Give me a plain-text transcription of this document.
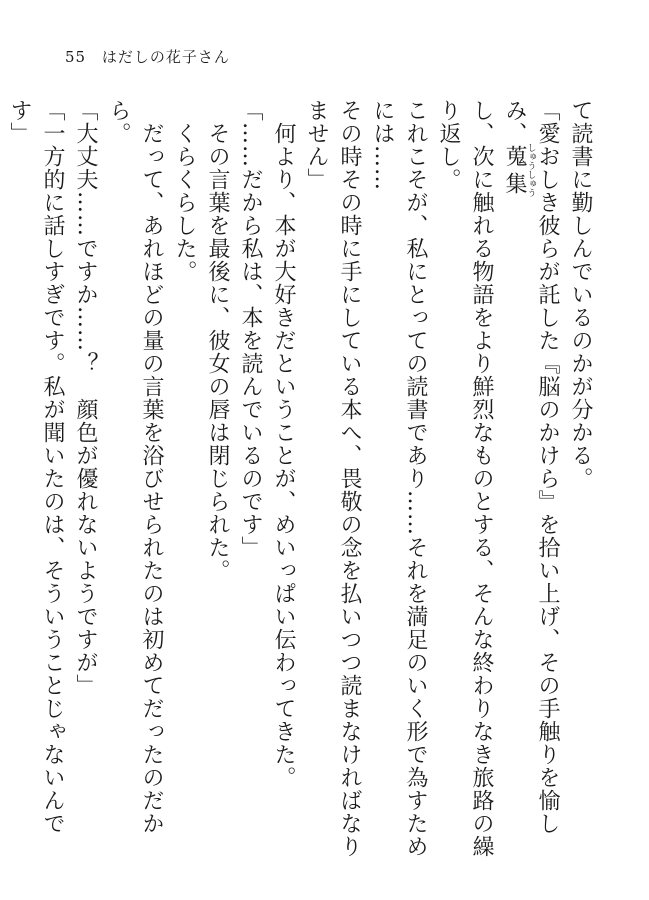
55 はだしの花子さん

て読書に勤しんでいるのかが分かる。

「愛おしき彼らが託した『脳のかけら』を拾い上げ、その手触りを愉しみ、蒐集しゅうしゅう

し、次に触れる物語をより鮮烈なものとする、そんな終わりなき旅路の繰り返し。

これこそが、私にとっての読書であり……それを満足のいく形で為すためには……

その時その時に手にしている本へ、畏敬の念を払いつつ読まなければなりません」

　何より、本が大好きだということが、めいっぱい伝わってきた。

「……だから私は、本を読んでいるのです」

　その言葉を最後に、彼女の唇は閉じられた。

　くらくらした。

　だって、あれほどの量の言葉を浴びせられたのは初めてだったのだから。

「大丈夫……ですか……？　顔色が優れないようですが」

「一方的に話しすぎです。私が聞いたのは、そういうことじゃないんです」
